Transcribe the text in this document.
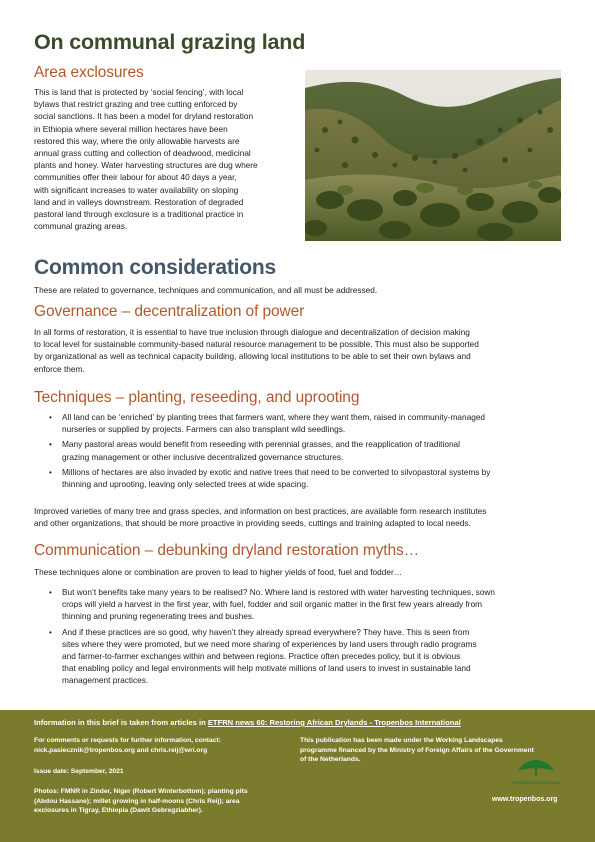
On communal grazing land
Area exclosures
This is land that is protected by ‘social fencing’, with local
bylaws that restrict grazing and tree cutting enforced by
social sanctions. It has been a model for dryland restoration
in Ethiopia where several million hectares have been
restored this way, where the only allowable harvests are
annual grass cutting and collection of deadwood, medicinal
plants and honey. Water harvesting structures are dug where
communities offer their labour for about 40 days a year,
with significant increases to water availability on sloping
land and in valleys downstream. Restoration of degraded
pastoral land through exclosure is a traditional practice in
communal grazing areas.
Common considerations
These are related to governance, techniques and communication, and all must be addressed.
Governance – decentralization of power
In all forms of restoration, it is essential to have true inclusion through dialogue and decentralization of decision making
to local level for sustainable community-based natural resource management to be possible. This must also be supported
by organizational as well as technical capacity building, allowing local institutions to be able to set their own bylaws and
enforce them.
Techniques – planting, reseeding, and uprooting
• All land can be ‘enriched’ by planting trees that farmers want, where they want them, raised in community-managed
nurseries or supplied by projects. Farmers can also transplant wild seedlings.
• Many pastoral areas would benefit from reseeding with perennial grasses, and the reapplication of traditional
grazing management or other inclusive decentralized governance structures.
• Millions of hectares are also invaded by exotic and native trees that need to be converted to silvopastoral systems by
thinning and uprooting, leaving only selected trees at wide spacing.
Improved varieties of many tree and grass species, and information on best practices, are available form research institutes
and other organizations, that should be more proactive in providing seeds, cuttings and training adapted to local needs.
Communication – debunking dryland restoration myths…
These techniques alone or combination are proven to lead to higher yields of food, fuel and fodder…
• But won’t benefits take many years to be realised? No. Where land is restored with water harvesting techniques, sown
crops will yield a harvest in the first year, with fuel, fodder and soil organic matter in the first few years already from
thinning and pruning regenerating trees and bushes.
• And if these practices are so good, why haven’t they already spread everywhere? They have. This is seen from
sites where they were promoted, but we need more sharing of experiences by land users through radio programs
and farmer-to-farmer exchanges within and between regions. Practice often precedes policy, but it is obvious
that enabling policy and legal environments will help motivate millions of land users to invest in sustainable land
management practices.
Information in this brief is taken from articles in ETFRN news 60: Restoring African Drylands - Tropenbos International
For comments or requests for further information, contact:
nick.pasiecznik@tropenbos.org and chris.reij@wri.org
Issue date: September, 2021
Photos: FMNR in Zinder, Niger (Robert Winterbottom); planting pits
(Abdou Hassane); millet growing in half-moons (Chris Reij); area
exclosures in Tigray, Ethiopia (Dawit Gebregziabher).
This publication has been made under the Working Landscapes
programme financed by the Ministry of Foreign Affairs of the Government
of the Netherlands.
TROPENBOS INTERNATIONAL
www.tropenbos.org
